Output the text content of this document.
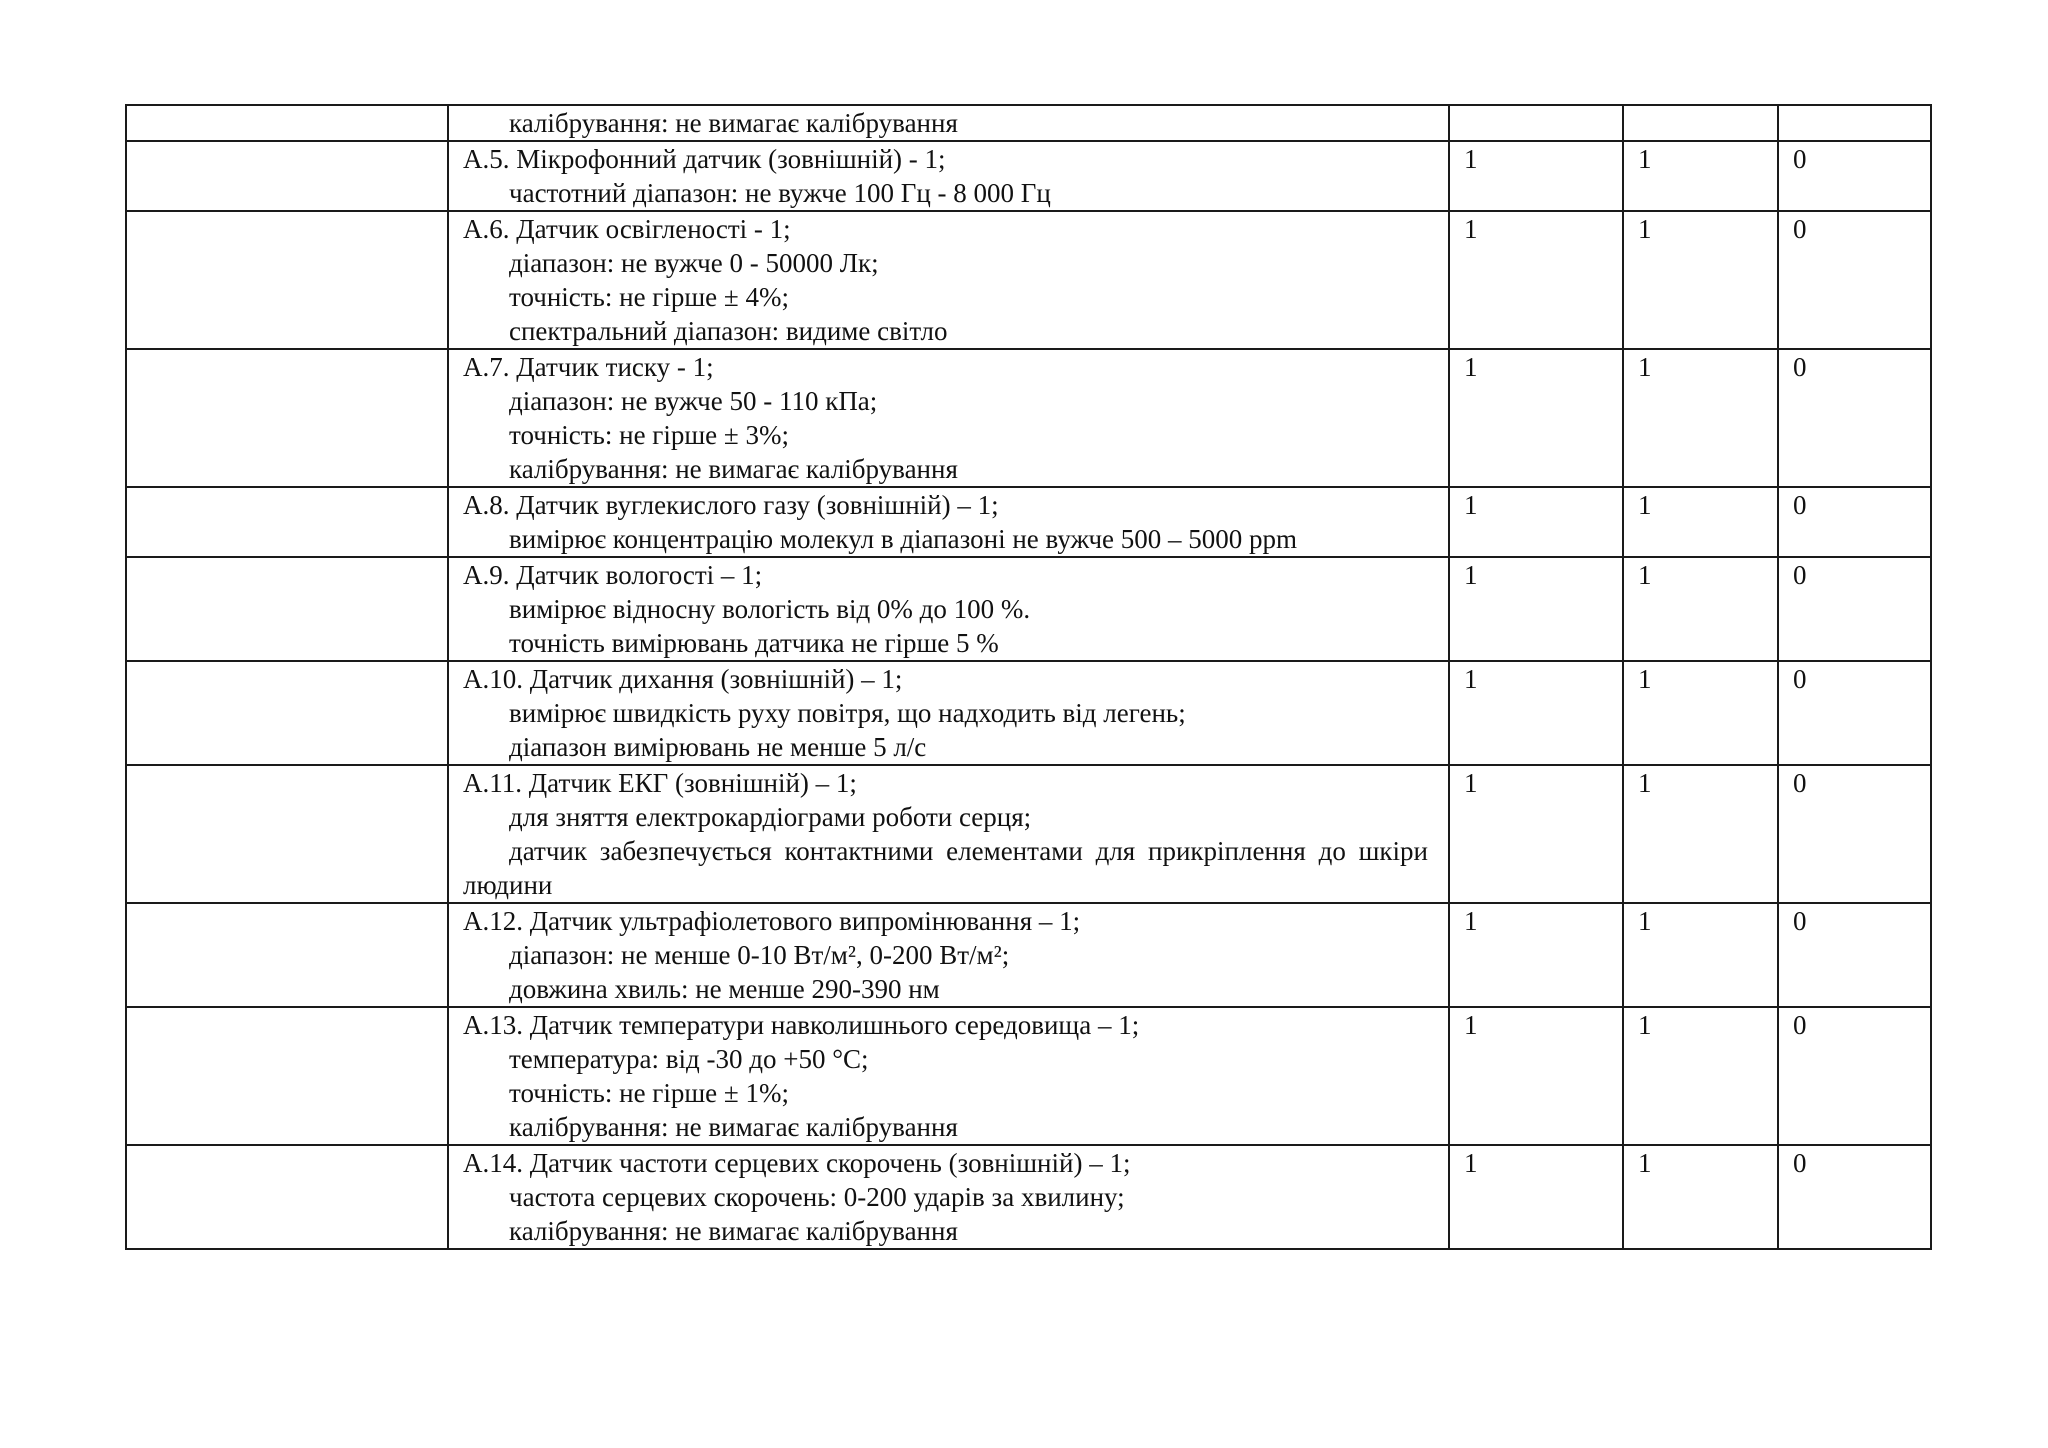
	калібрування: не вимагає калібрування			

	А.5. Мікрофонний датчик (зовнішній) - 1;
частотний діапазон: не вужче 100 Гц - 8 000 Гц	1	1	0

	А.6. Датчик освігленості - 1;
діапазон: не вужче 0 - 50000 Лк;
точність: не гірше ± 4%;
спектральний діапазон: видиме світло	1	1	0

	А.7. Датчик тиску - 1;
діапазон: не вужче 50 - 110 кПа;
точність: не гірше ± 3%;
калібрування: не вимагає калібрування	1	1	0

	А.8. Датчик вуглекислого газу (зовнішній) – 1;
вимірює концентрацію молекул в діапазоні не вужче 500 – 5000 ppm	1	1	0

	А.9. Датчик вологості – 1;
вимірює відносну вологість від 0% до 100 %.
точність вимірювань датчика не гірше 5 %	1	1	0

	А.10. Датчик дихання (зовнішній) – 1;
вимірює швидкість руху повітря, що надходить від легень;
діапазон вимірювань не менше 5 л/с	1	1	0

	А.11. Датчик ЕКГ (зовнішній) – 1;
для зняття електрокардіограми роботи серця;
датчик забезпечується контактними елементами для прикріплення до шкіри людини	1	1	0

	А.12. Датчик ультрафіолетового випромінювання – 1;
діапазон: не менше 0-10 Вт/м², 0-200 Вт/м²;
довжина хвиль: не менше 290-390 нм	1	1	0

	А.13. Датчик температури навколишнього середовища – 1;
температура: від -30 до +50 °С;
точність: не гірше ± 1%;
калібрування: не вимагає калібрування	1	1	0

	А.14. Датчик частоти серцевих скорочень (зовнішній) – 1;
частота серцевих скорочень: 0-200 ударів за хвилину;
калібрування: не вимагає калібрування	1	1	0
